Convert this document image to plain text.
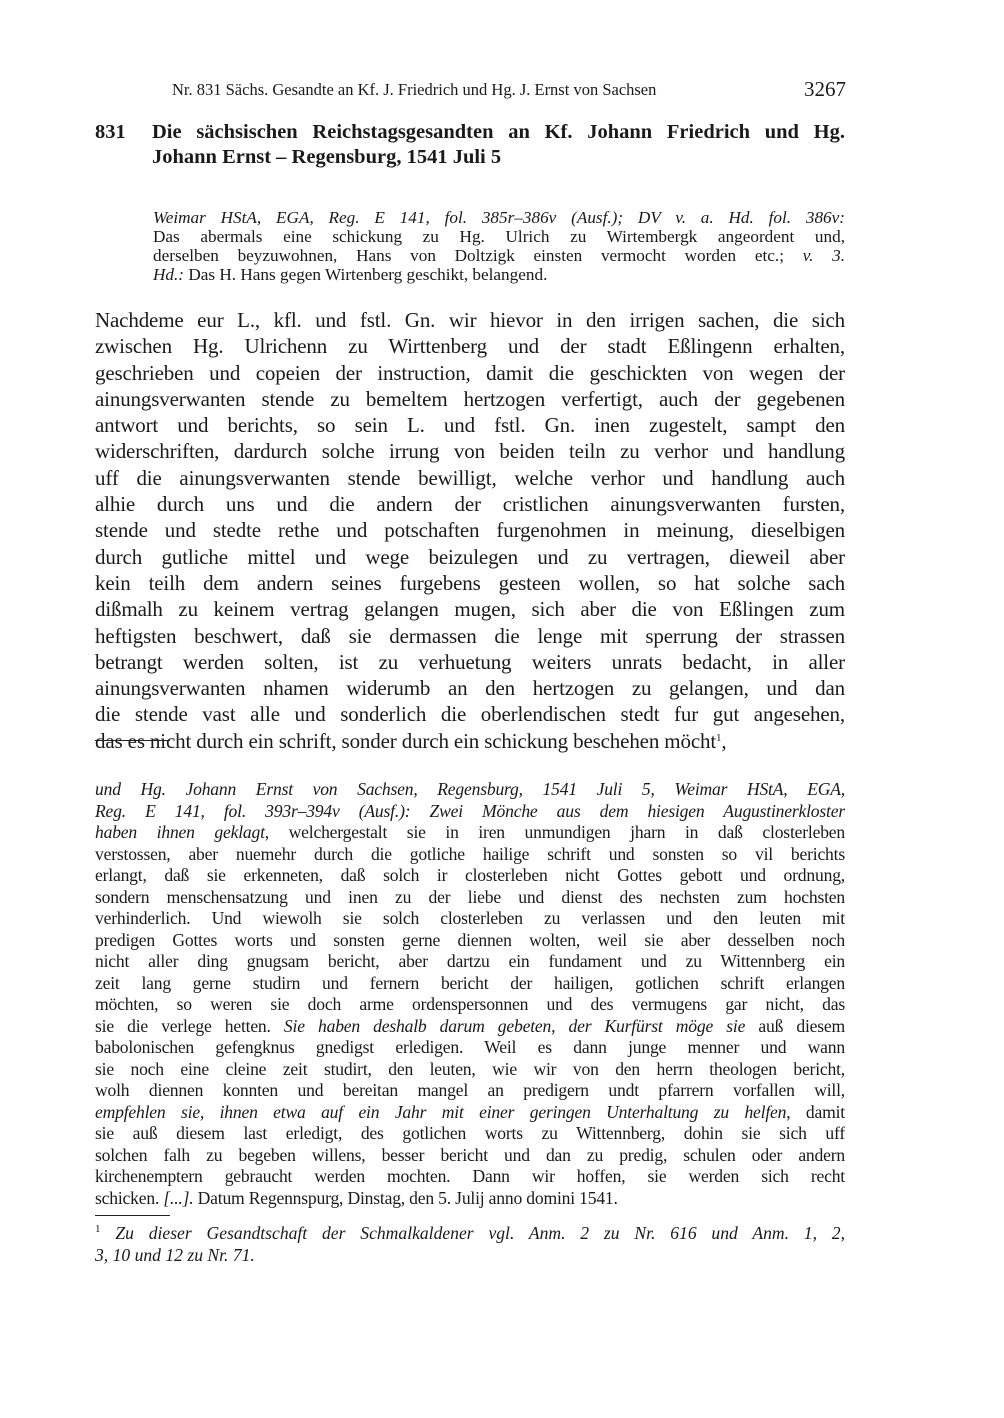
Nr. 831 Sächs. Gesandte an Kf. J. Friedrich und Hg. J. Ernst von Sachsen	3267
831 Die sächsischen Reichstagsgesandten an Kf. Johann Friedrich und Hg.
Johann Ernst – Regensburg, 1541 Juli 5
Weimar HStA, EGA, Reg. E 141, fol. 385r–386v (Ausf.); DV v. a. Hd. fol. 386v:
Das abermals eine schickung zu Hg. Ulrich zu Wirtembergk angeordent und,
derselben beyzuwohnen, Hans von Doltzigk einsten vermocht worden etc.; v. 3.
Hd.: Das H. Hans gegen Wirtenberg geschikt, belangend.
Nachdeme eur L., kfl. und fstl. Gn. wir hievor in den irrigen sachen, die sich
zwischen Hg. Ulrichenn zu Wirttenberg und der stadt Eßlingenn erhalten,
geschrieben und copeien der instruction, damit die geschickten von wegen der
ainungsverwanten stende zu bemeltem hertzogen verfertigt, auch der gegebenen
antwort und berichts, so sein L. und fstl. Gn. inen zugestelt, sampt den
widerschriften, dardurch solche irrung von beiden teiln zu verhor und handlung
uff die ainungsverwanten stende bewilligt, welche verhor und handlung auch
alhie durch uns und die andern der cristlichen ainungsverwanten fursten,
stende und stedte rethe und potschaften furgenohmen in meinung, dieselbigen
durch gutliche mittel und wege beizulegen und zu vertragen, dieweil aber
kein teilh dem andern seines furgebens gesteen wollen, so hat solche sach
dißmalh zu keinem vertrag gelangen mugen, sich aber die von Eßlingen zum
heftigsten beschwert, daß sie dermassen die lenge mit sperrung der strassen
betrangt werden solten, ist zu verhuetung weiters unrats bedacht, in aller
ainungsverwanten nhamen widerumb an den hertzogen zu gelangen, und dan
die stende vast alle und sonderlich die oberlendischen stedt fur gut angesehen,
das es nicht durch ein schrift, sonder durch ein schickung beschehen möcht$^1$,
und Hg. Johann Ernst von Sachsen, Regensburg, 1541 Juli 5, Weimar HStA, EGA,
Reg. E 141, fol. 393r–394v (Ausf.): Zwei Mönche aus dem hiesigen Augustinerkloster
haben ihnen geklagt, welchergestalt sie in iren unmundigen jharn in daß closterleben
verstossen, aber nuemehr durch die gotliche hailige schrift und sonsten so vil berichts
erlangt, daß sie erkenneten, daß solch ir closterleben nicht Gottes gebott und ordnung,
sondern menschensatzung und inen zu der liebe und dienst des nechsten zum hochsten
verhinderlich. Und wiewolh sie solch closterleben zu verlassen und den leuten mit
predigen Gottes worts und sonsten gerne diennen wolten, weil sie aber desselben noch
nicht aller ding gnugsam bericht, aber dartzu ein fundament und zu Wittennberg ein
zeit lang gerne studirn und fernern bericht der hailigen, gotlichen schrift erlangen
möchten, so weren sie doch arme ordenspersonnen und des vermugens gar nicht, das
sie die verlege hetten. Sie haben deshalb darum gebeten, der Kurfürst möge sie auß diesem
babolonischen gefengknus gnedigst erledigen. Weil es dann junge menner und wann
sie noch eine cleine zeit studirt, den leuten, wie wir von den herrn theologen bericht,
wolh diennen konnten und bereitan mangel an predigern undt pfarrern vorfallen will,
empfehlen sie, ihnen etwa auf ein Jahr mit einer geringen Unterhaltung zu helfen, damit
sie auß diesem last erledigt, des gotlichen worts zu Wittennberg, dohin sie sich uff
solchen falh zu begeben willens, besser bericht und dan zu predig, schulen oder andern
kirchenemptern gebraucht werden mochten. Dann wir hoffen, sie werden sich recht
schicken. [...]. Datum Regennspurg, Dinstag, den 5. Julij anno domini 1541.
$^1$ Zu dieser Gesandtschaft der Schmalkaldener vgl. Anm. 2 zu Nr. 616 und Anm. 1, 2,
3, 10 und 12 zu Nr. 71.
